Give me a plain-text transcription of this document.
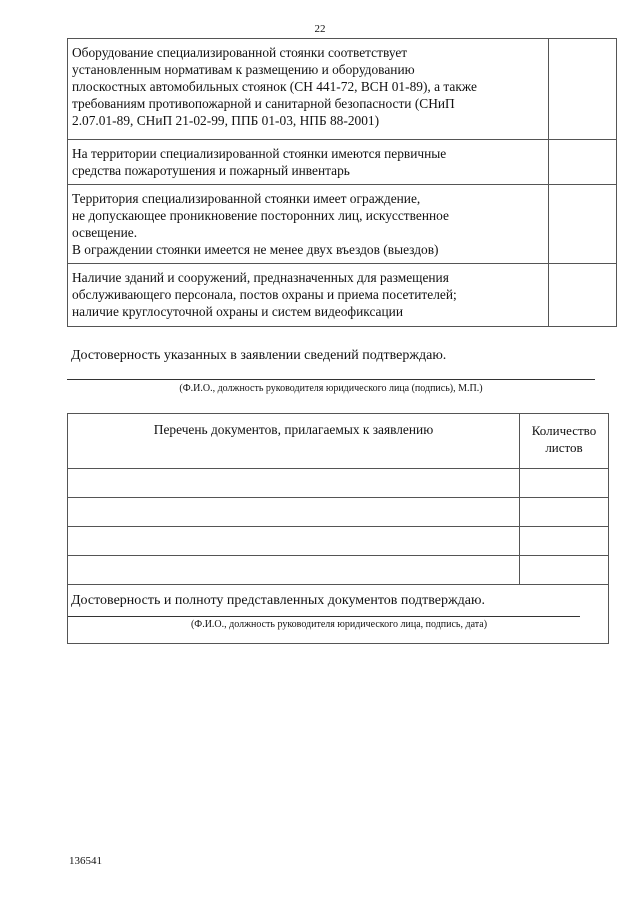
22
Оборудование специализированной стоянки соответствует
установленным нормативам к размещению и оборудованию
плоскостных автомобильных стоянок (СН 441-72, ВСН 01-89), а также
требованиям противопожарной и санитарной безопасности (СНиП
2.07.01-89, СНиП 21-02-99, ППБ 01-03, НПБ 88-2001)	
На территории специализированной стоянки имеются первичные
средства пожаротушения и пожарный инвентарь	
Территория специализированной стоянки имеет ограждение,
не допускающее проникновение посторонних лиц, искусственное
освещение.
В ограждении стоянки имеется не менее двух въездов (выездов)	
Наличие зданий и сооружений, предназначенных для размещения
обслуживающего персонала, постов охраны и приема посетителей;
наличие круглосуточной охраны и систем видеофиксации	
Достоверность указанных в заявлении сведений подтверждаю.
(Ф.И.О., должность руководителя юридического лица (подпись), М.П.)
Перечень документов, прилагаемых к заявлению	Количество
листов

Достоверность и полноту представленных документов подтверждаю.
(Ф.И.О., должность руководителя юридического лица, подпись, дата)	
136541
